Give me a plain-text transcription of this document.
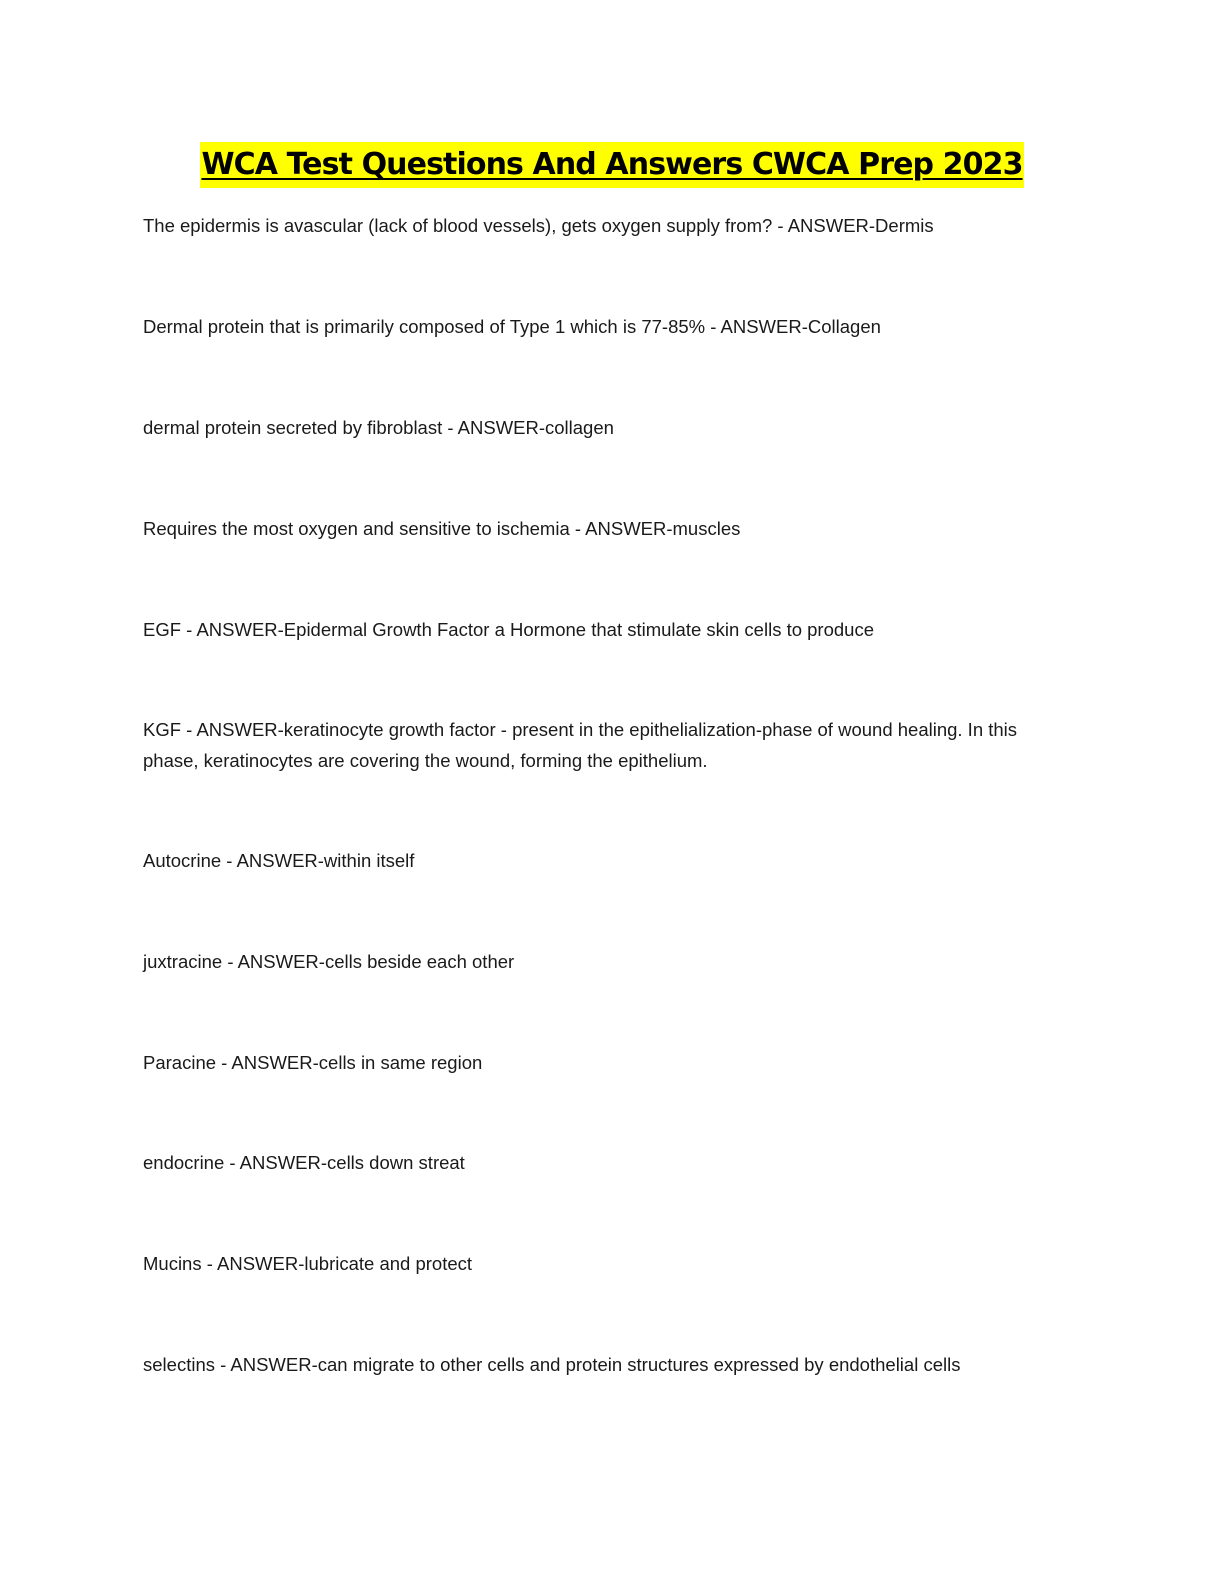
WCA Test Questions And Answers CWCA Prep 2023

The epidermis is avascular (lack of blood vessels), gets oxygen supply from? - ANSWER-Dermis

Dermal protein that is primarily composed of Type 1 which is 77-85% - ANSWER-Collagen

dermal protein secreted by fibroblast - ANSWER-collagen

Requires the most oxygen and sensitive to ischemia - ANSWER-muscles

EGF - ANSWER-Epidermal Growth Factor a Hormone that stimulate skin cells to produce

KGF - ANSWER-keratinocyte growth factor - present in the epithelialization-phase of wound healing. In this phase, keratinocytes are covering the wound, forming the epithelium.

Autocrine - ANSWER-within itself

juxtracine - ANSWER-cells beside each other

Paracine - ANSWER-cells in same region

endocrine - ANSWER-cells down streat

Mucins - ANSWER-lubricate and protect

selectins - ANSWER-can migrate to other cells and protein structures expressed by endothelial cells
